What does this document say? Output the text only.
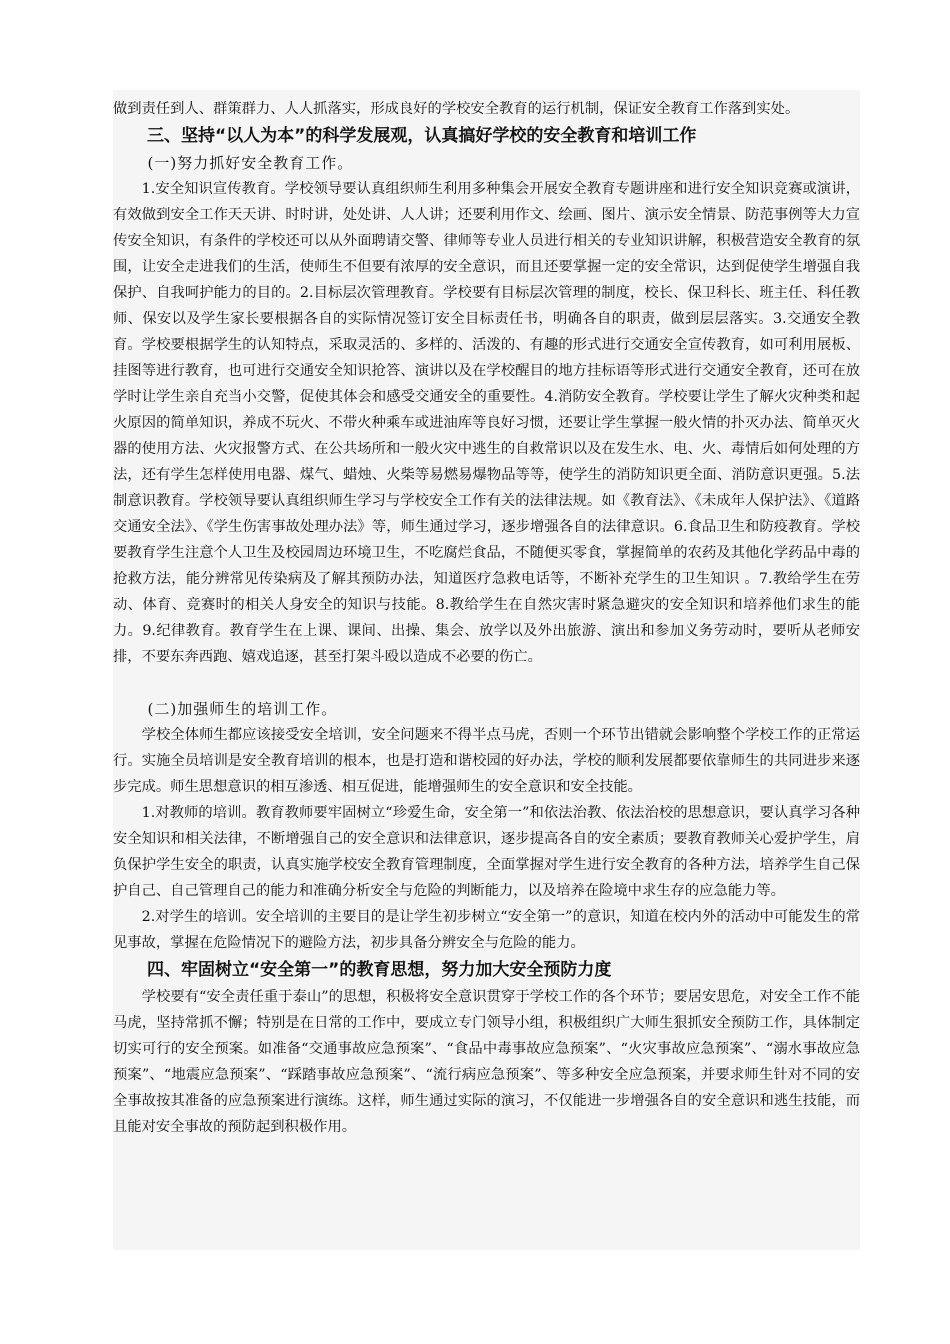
做到责任到人、群策群力、人人抓落实，形成良好的学校安全教育的运行机制，保证安全教育工作落到实处。

三、坚持“以人为本”的科学发展观，认真搞好学校的安全教育和培训工作

(一)努力抓好安全教育工作。

1.安全知识宣传教育。学校领导要认真组织师生利用多种集会开展安全教育专题讲座和进行安全知识竞赛或演讲，有效做到安全工作天天讲、时时讲，处处讲、人人讲；还要利用作文、绘画、图片、演示安全情景、防范事例等大力宣传安全知识，有条件的学校还可以从外面聘请交警、律师等专业人员进行相关的专业知识讲解，积极营造安全教育的氛围，让安全走进我们的生活，使师生不但要有浓厚的安全意识，而且还要掌握一定的安全常识，达到促使学生增强自我保护、自我呵护能力的目的。2.目标层次管理教育。学校要有目标层次管理的制度，校长、保卫科长、班主任、科任教师、保安以及学生家长要根据各自的实际情况签订安全目标责任书，明确各自的职责，做到层层落实。3.交通安全教育。学校要根据学生的认知特点，采取灵活的、多样的、活泼的、有趣的形式进行交通安全宣传教育，如可利用展板、挂图等进行教育，也可进行交通安全知识抢答、演讲以及在学校醒目的地方挂标语等形式进行交通安全教育，还可在放学时让学生亲自充当小交警，促使其体会和感受交通安全的重要性。4.消防安全教育。学校要让学生了解火灾种类和起火原因的简单知识，养成不玩火、不带火种乘车或进油库等良好习惯，还要让学生掌握一般火情的扑灭办法、简单灭火器的使用方法、火灾报警方式、在公共场所和一般火灾中逃生的自救常识以及在发生水、电、火、毒情后如何处理的方法，还有学生怎样使用电器、煤气、蜡烛、火柴等易燃易爆物品等等，使学生的消防知识更全面、消防意识更强。5.法制意识教育。学校领导要认真组织师生学习与学校安全工作有关的法律法规。如《教育法》、《未成年人保护法》、《道路交通安全法》、《学生伤害事故处理办法》等，师生通过学习，逐步增强各自的法律意识。6.食品卫生和防疫教育。学校要教育学生注意个人卫生及校园周边环境卫生，不吃腐烂食品，不随便买零食，掌握简单的农药及其他化学药品中毒的抢救方法，能分辨常见传染病及了解其预防办法，知道医疗急救电话等，不断补充学生的卫生知识 。7.教给学生在劳动、体育、竞赛时的相关人身安全的知识与技能。8.教给学生在自然灾害时紧急避灾的安全知识和培养他们求生的能力。9.纪律教育。教育学生在上课、课间、出操、集会、放学以及外出旅游、演出和参加义务劳动时，要听从老师安排，不要东奔西跑、嬉戏追逐，甚至打架斗殴以造成不必要的伤亡。

(二)加强师生的培训工作。

学校全体师生都应该接受安全培训，安全问题来不得半点马虎，否则一个环节出错就会影响整个学校工作的正常运行。实施全员培训是安全教育培训的根本，也是打造和谐校园的好办法，学校的顺利发展都要依靠师生的共同进步来逐步完成。师生思想意识的相互渗透、相互促进，能增强师生的安全意识和安全技能。

1.对教师的培训。教育教师要牢固树立“珍爱生命，安全第一”和依法治教、依法治校的思想意识，要认真学习各种安全知识和相关法律，不断增强自己的安全意识和法律意识，逐步提高各自的安全素质；要教育教师关心爱护学生，肩负保护学生安全的职责，认真实施学校安全教育管理制度，全面掌握对学生进行安全教育的各种方法，培养学生自己保护自己、自己管理自己的能力和准确分析安全与危险的判断能力，以及培养在险境中求生存的应急能力等。

2.对学生的培训。安全培训的主要目的是让学生初步树立“安全第一”的意识，知道在校内外的活动中可能发生的常见事故，掌握在危险情况下的避险方法，初步具备分辨安全与危险的能力。

四、牢固树立“安全第一”的教育思想，努力加大安全预防力度

学校要有“安全责任重于泰山”的思想，积极将安全意识贯穿于学校工作的各个环节；要居安思危，对安全工作不能马虎，坚持常抓不懈；特别是在日常的工作中，要成立专门领导小组，积极组织广大师生狠抓安全预防工作，具体制定切实可行的安全预案。如准备“交通事故应急预案”、“食品中毒事故应急预案”、“火灾事故应急预案”、“溺水事故应急预案”、“地震应急预案”、“踩踏事故应急预案”、“流行病应急预案”、等多种安全应急预案，并要求师生针对不同的安全事故按其准备的应急预案进行演练。这样，师生通过实际的演习，不仅能进一步增强各自的安全意识和逃生技能，而且能对安全事故的预防起到积极作用。
